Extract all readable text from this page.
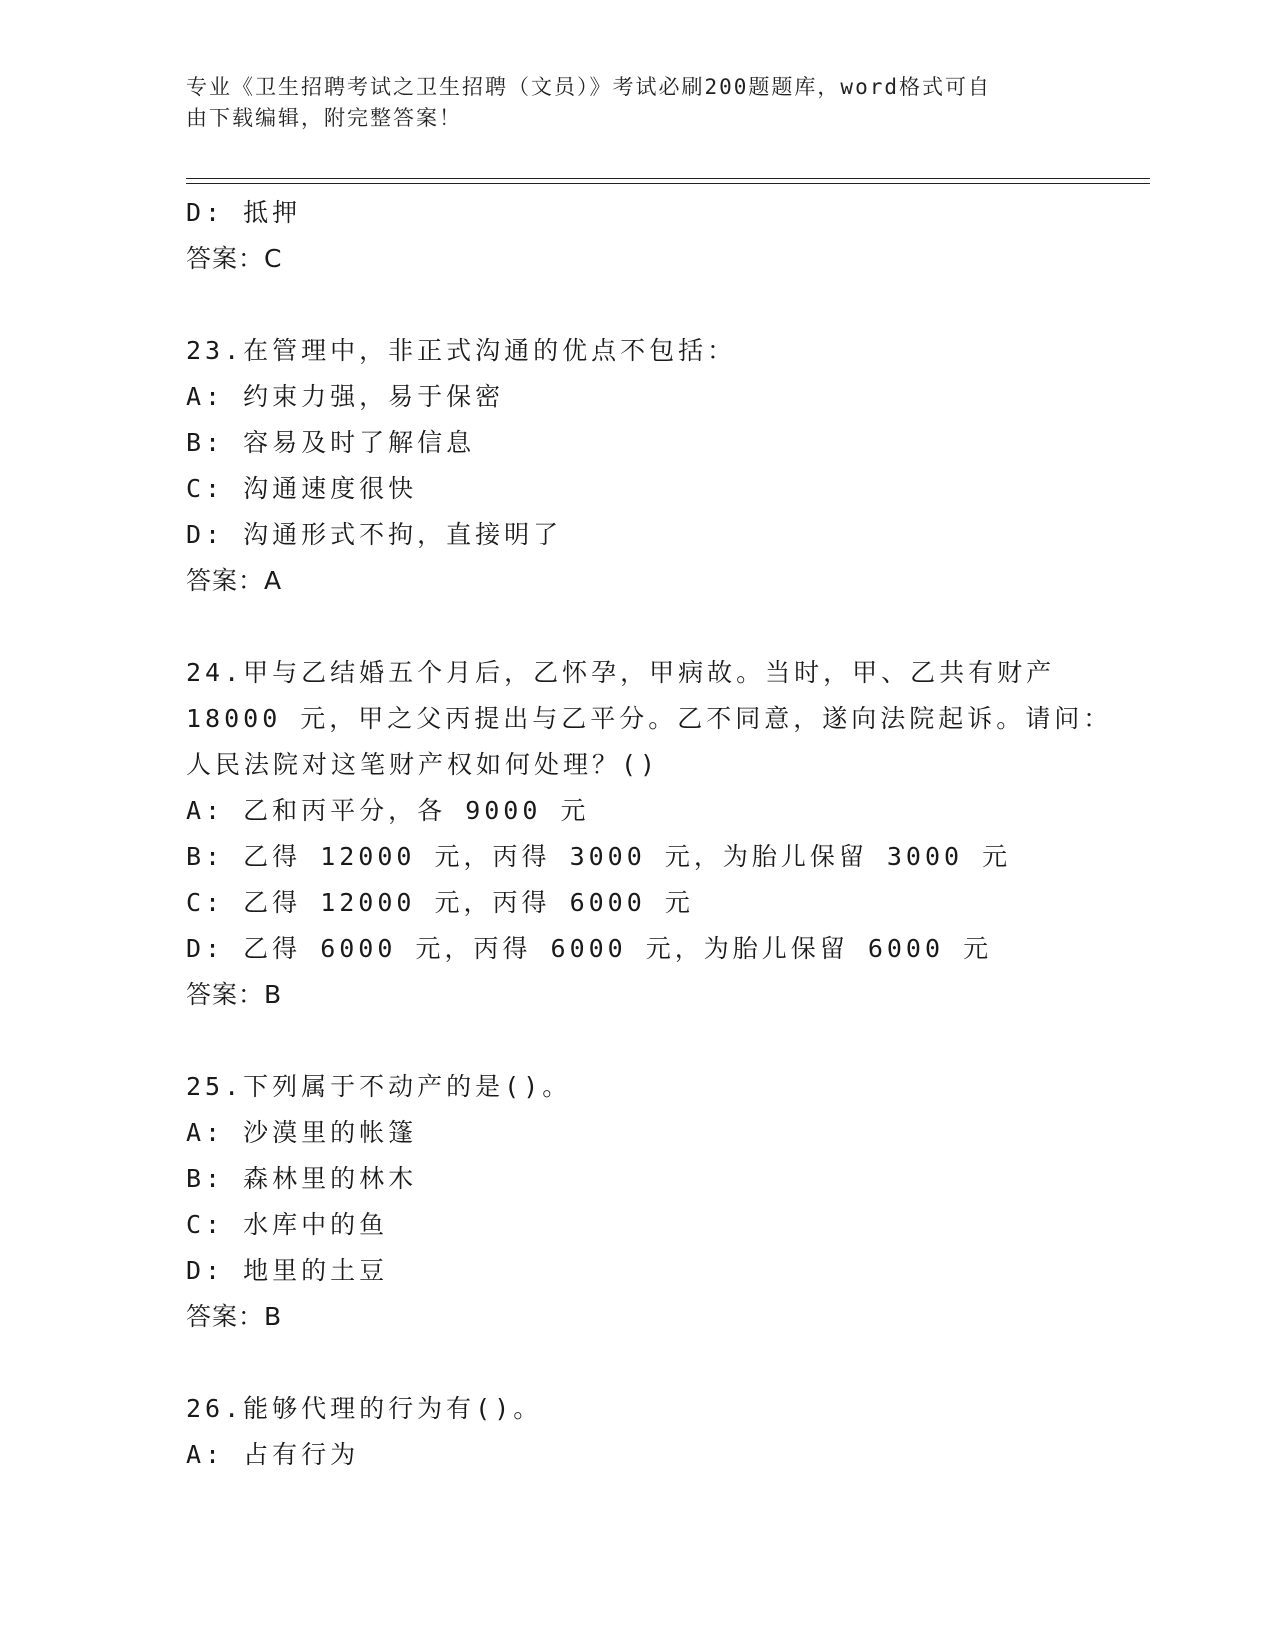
专业《卫生招聘考试之卫生招聘（文员）》考试必刷200题题库，word格式可自
由下载编辑，附完整答案！
D: 抵押
答案：C
23.在管理中，非正式沟通的优点不包括：
A: 约束力强，易于保密
B: 容易及时了解信息
C: 沟通速度很快
D: 沟通形式不拘，直接明了
答案：A
24.甲与乙结婚五个月后，乙怀孕，甲病故。当时，甲、乙共有财产
18000 元，甲之父丙提出与乙平分。乙不同意，遂向法院起诉。请问：
人民法院对这笔财产权如何处理？()
A: 乙和丙平分，各 9000 元
B: 乙得 12000 元，丙得 3000 元，为胎儿保留 3000 元
C: 乙得 12000 元，丙得 6000 元
D: 乙得 6000 元，丙得 6000 元，为胎儿保留 6000 元
答案：B
25.下列属于不动产的是()。
A: 沙漠里的帐篷
B: 森林里的林木
C: 水库中的鱼
D: 地里的土豆
答案：B
26.能够代理的行为有()。
A: 占有行为
